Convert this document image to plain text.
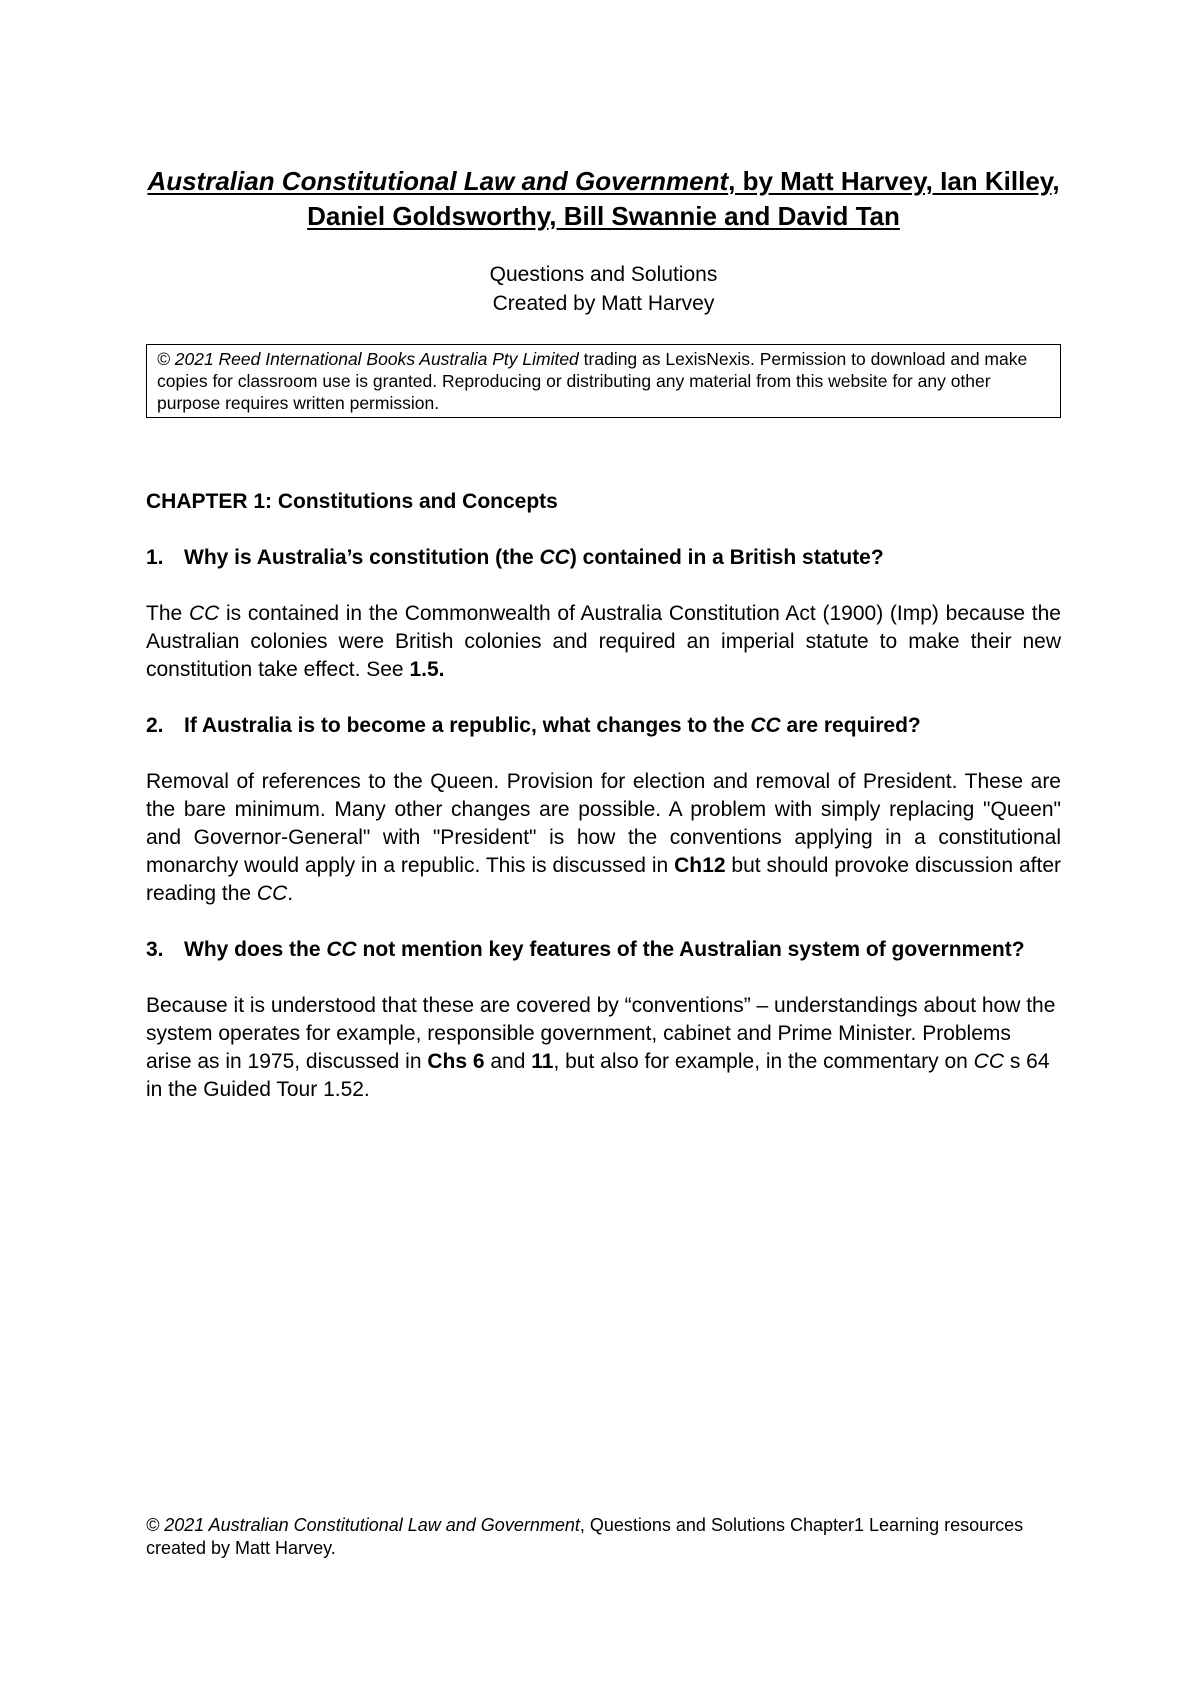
Australian Constitutional Law and Government, by Matt Harvey, Ian Killey, Daniel Goldsworthy, Bill Swannie and David Tan
Questions and Solutions
Created by Matt Harvey
© 2021 Reed International Books Australia Pty Limited trading as LexisNexis. Permission to download and make copies for classroom use is granted. Reproducing or distributing any material from this website for any other purpose requires written permission.
CHAPTER 1: Constitutions and Concepts
1. Why is Australia’s constitution (the CC) contained in a British statute?
The CC is contained in the Commonwealth of Australia Constitution Act (1900) (Imp) because the Australian colonies were British colonies and required an imperial statute to make their new constitution take effect. See 1.5.
2. If Australia is to become a republic, what changes to the CC are required?
Removal of references to the Queen. Provision for election and removal of President. These are the bare minimum. Many other changes are possible. A problem with simply replacing "Queen" and Governor-General" with "President" is how the conventions applying in a constitutional monarchy would apply in a republic. This is discussed in Ch12 but should provoke discussion after reading the CC.
3. Why does the CC not mention key features of the Australian system of government?
Because it is understood that these are covered by “conventions” – understandings about how the system operates for example, responsible government, cabinet and Prime Minister. Problems arise as in 1975, discussed in Chs 6 and 11, but also for example, in the commentary on CC s 64 in the Guided Tour 1.52.
© 2021 Australian Constitutional Law and Government, Questions and Solutions Chapter1 Learning resources created by Matt Harvey.
